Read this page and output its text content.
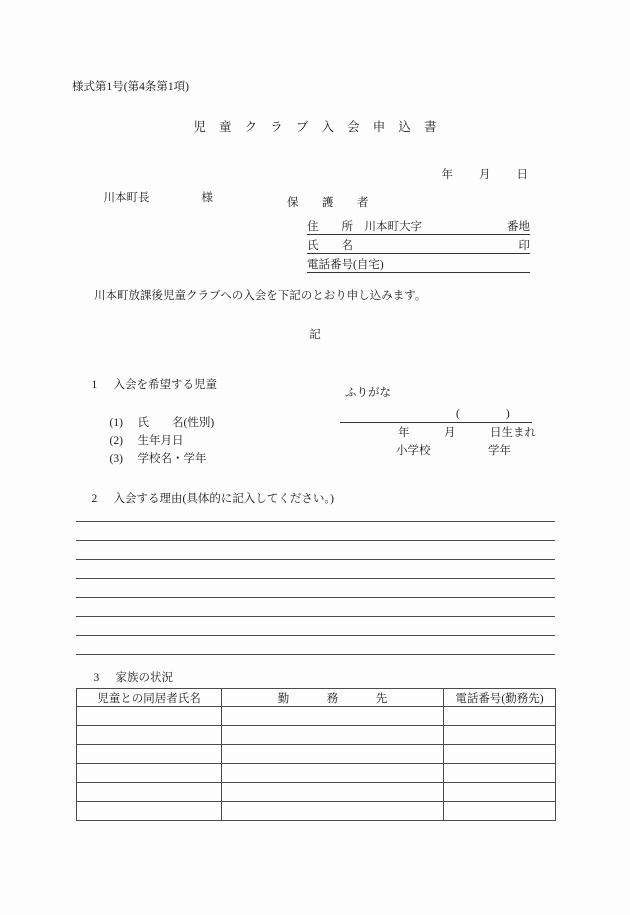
様式第1号(第4条第1項)
児 童 ク ラ ブ 入 会 申 込 書

年 月 日

川本町長	様
	保　護　者
住　　所　川本町大字	番地
氏　　名	印
電話番号(自宅)
川本町放課後児童クラブへの入会を下記のとおり申し込みます。
記

1 入会を希望する児童

ふりがな

(1) 氏　　名(性別)

(　　　　)

(2) 生年月日

年　　　月　　　日生まれ

(3) 学校名・学年

小学校　　　　　学年

2 入会する理由(具体的に記入してください。)

3 家族の状況

児童との同居者氏名	勤　務　先	電話番号(勤務先)
